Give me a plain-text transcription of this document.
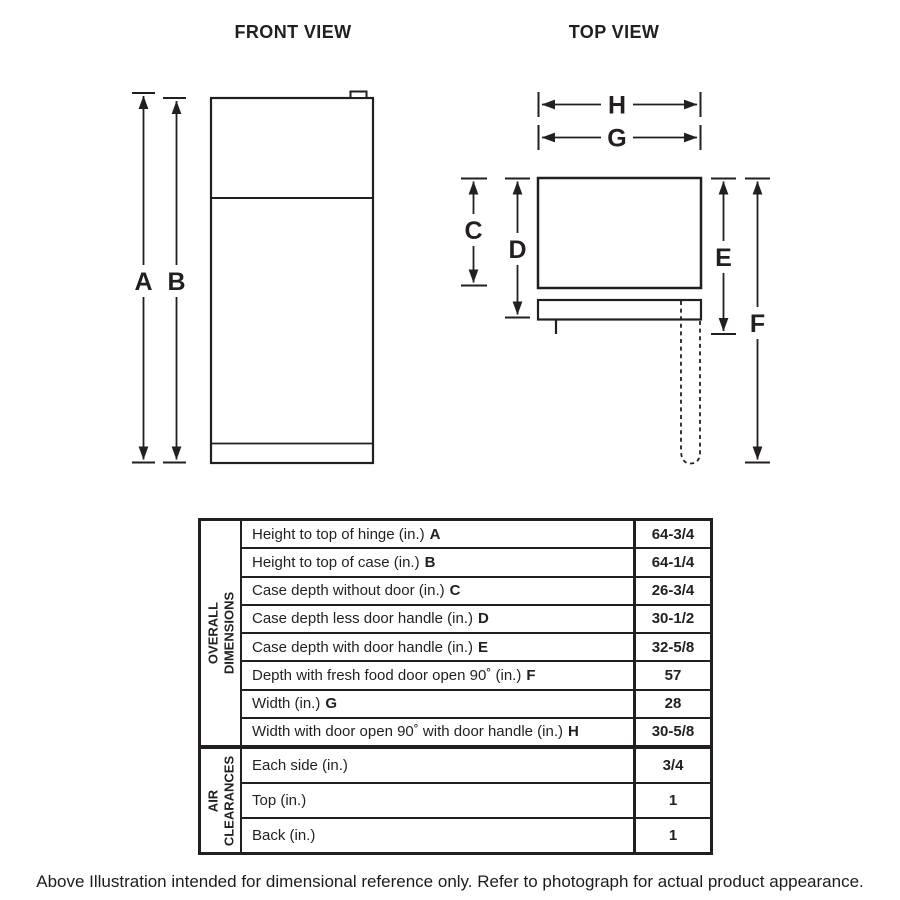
FRONT VIEW
A B
TOP VIEW
H
G
C
D	E
F
OVERALL DIMENSIONS
Height to top of hinge (in.) A	64-3/4
Height to top of case (in.) B	64-1/4
Case depth without door (in.) C	26-3/4
Case depth less door handle (in.) D	30-1/2
Case depth with door handle (in.) E	32-5/8
Depth with fresh food door open 90˚ (in.) F	57
Width (in.) G	28
Width with door open 90˚ with door handle (in.) H	30-5/8
AIR CLEARANCES Each side (in.)	3/4
Top (in.)	1
Back (in.)	1
Above Illustration intended for dimensional reference only. Refer to photograph for actual product appearance.
